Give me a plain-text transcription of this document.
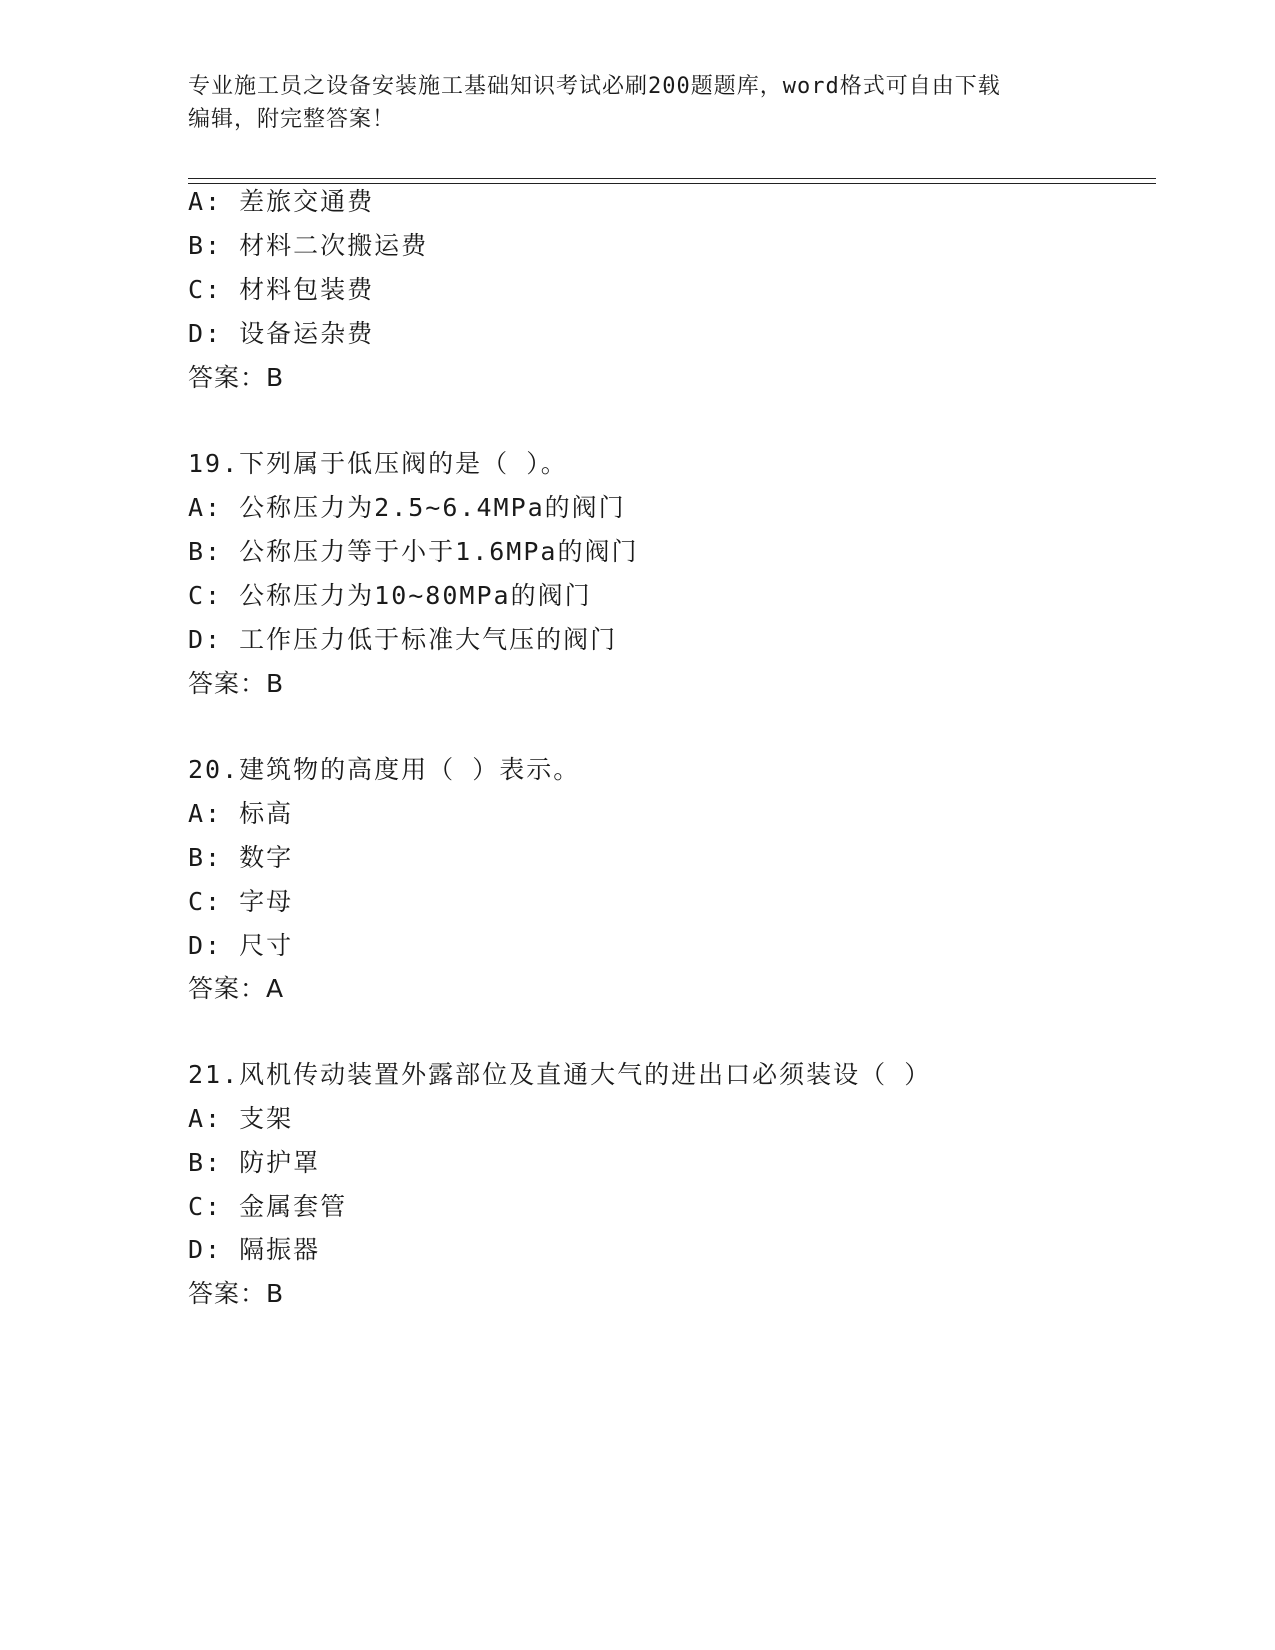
专业施工员之设备安装施工基础知识考试必刷200题题库，word格式可自由下载
编辑，附完整答案！
A: 差旅交通费
B: 材料二次搬运费
C: 材料包装费
D: 设备运杂费
答案：B
19.下列属于低压阀的是（ ）。
A: 公称压力为2.5~6.4MPa的阀门
B: 公称压力等于小于1.6MPa的阀门
C: 公称压力为10~80MPa的阀门
D: 工作压力低于标准大气压的阀门
答案：B
20.建筑物的高度用（ ）表示。
A: 标高
B: 数字
C: 字母
D: 尺寸
答案：A
21.风机传动装置外露部位及直通大气的进出口必须装设（ ）
A: 支架
B: 防护罩
C: 金属套管
D: 隔振器
答案：B
